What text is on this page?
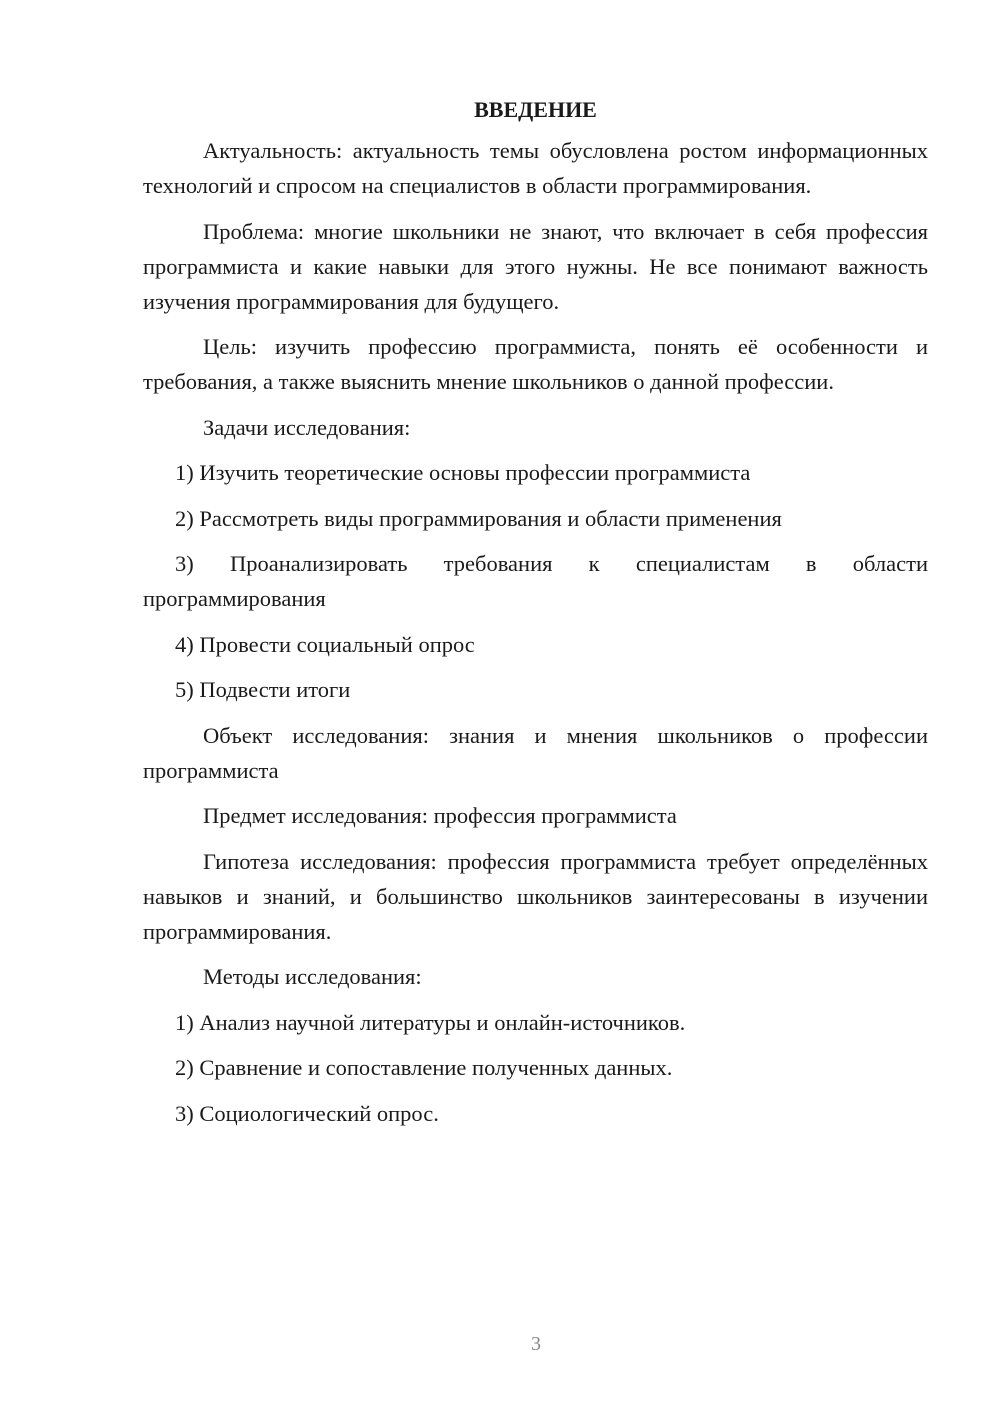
ВВЕДЕНИЕ

Актуальность: актуальность темы обусловлена ростом информационных технологий и спросом на специалистов в области программирования.

Проблема: многие школьники не знают, что включает в себя профессия программиста и какие навыки для этого нужны. Не все понимают важность изучения программирования для будущего.

Цель: изучить профессию программиста, понять её особенности и требования, а также выяснить мнение школьников о данной профессии.

Задачи исследования:

1) Изучить теоретические основы профессии программиста

2) Рассмотреть виды программирования и области применения

3) Проанализировать требования к специалистам в области программирования

4) Провести социальный опрос

5) Подвести итоги

Объект исследования: знания и мнения школьников о профессии программиста

Предмет исследования: профессия программиста

Гипотеза исследования: профессия программиста требует определённых навыков и знаний, и большинство школьников заинтересованы в изучении программирования.

Методы исследования:

1) Анализ научной литературы и онлайн-источников.

2) Сравнение и сопоставление полученных данных.

3) Социологический опрос.

3
